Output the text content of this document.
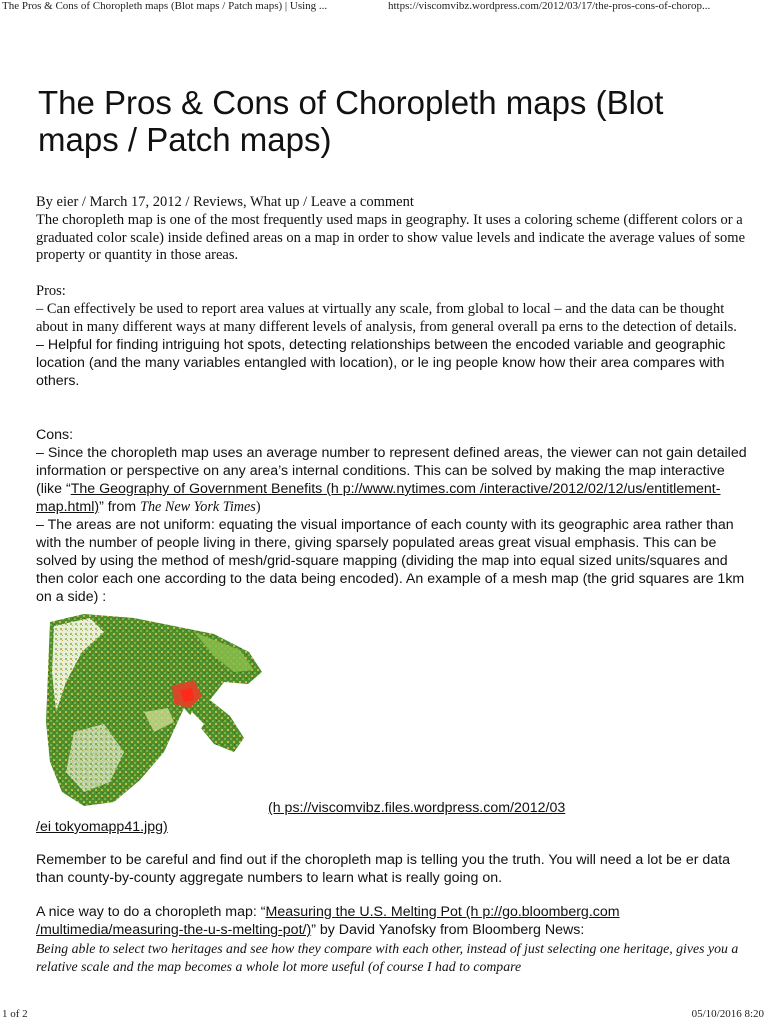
The Pros & Cons of Choropleth maps (Blot maps / Patch maps) | Using ...	https://viscomvibz.wordpress.com/2012/03/17/the-pros-cons-of-chorop...
The Pros & Cons of Choropleth maps (Blot maps / Patch maps)
By eier / March 17, 2012 / Reviews, What up / Leave a comment

The choropleth map is one of the most frequently used maps in geography. It uses a coloring scheme (different colors or a graduated color scale) inside defined areas on a map in order to show value levels and indicate the average values of some property or quantity in those areas.

Pros:

– Can effectively be used to report area values at virtually any scale, from global to local – and the data can be thought about in many different ways at many different levels of analysis, from general overall pa erns to the detection of details.

– Helpful for finding intriguing hot spots, detecting relationships between the encoded variable and geographic location (and the many variables entangled with location), or le ing people know how their area compares with others.

Cons:

– Since the choropleth map uses an average number to represent defined areas, the viewer can not gain detailed information or perspective on any area’s internal conditions. This can be solved by making the map interactive (like “The Geography of Government Benefits (h p://www.nytimes.com /interactive/2012/02/12/us/entitlement-map.html)” from The New York Times)

– The areas are not uniform: equating the visual importance of each county with its geographic area rather than with the number of people living in there, giving sparsely populated areas great visual emphasis. This can be solved by using the method of mesh/grid-square mapping (dividing the map into equal sized units/squares and then color each one according to the data being encoded). An example of a mesh map (the grid squares are 1km on a side) :

(h ps://viscomvibz.files.wordpress.com/2012/03
/ei tokyomapp41.jpg)

Remember to be careful and find out if the choropleth map is telling you the truth. You will need a lot be er data than county-by-county aggregate numbers to learn what is really going on.

A nice way to do a choropleth map: “Measuring the U.S. Melting Pot (h p://go.bloomberg.com /multimedia/measuring-the-u-s-melting-pot/)” by David Yanofsky from Bloomberg News:

Being able to select two heritages and see how they compare with each other, instead of just selecting one heritage, gives you a relative scale and the map becomes a whole lot more useful (of course I had to compare

1 of 2	05/10/2016 8:20
